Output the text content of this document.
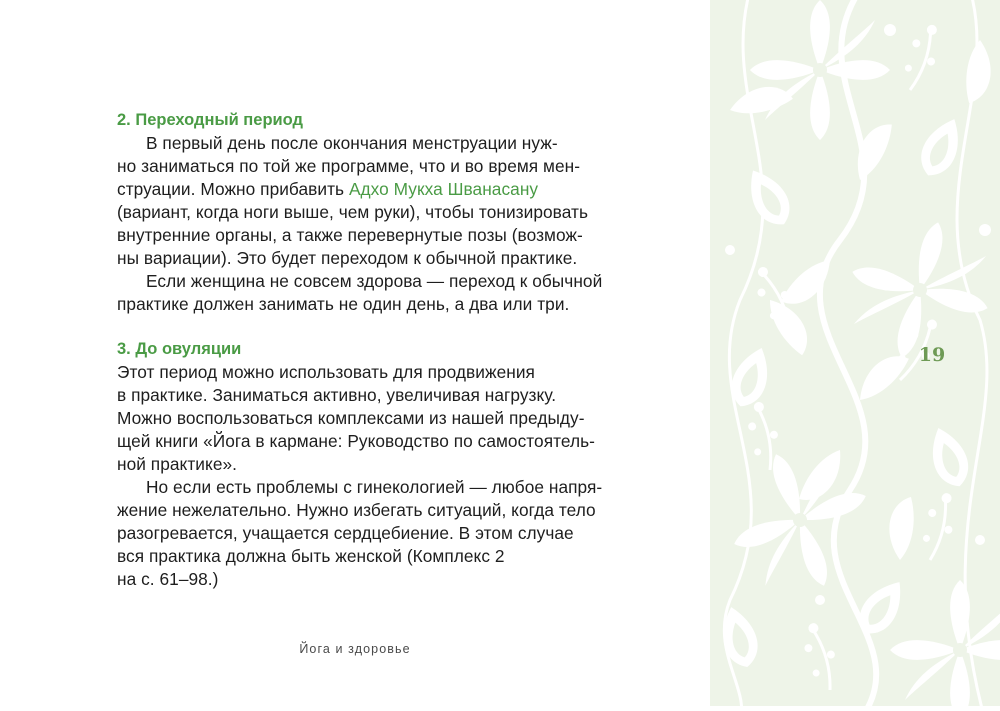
2. Переходный период
В первый день после окончания менструации нуж-
но заниматься по той же программе, что и во время мен-
струации. Можно прибавить Адхо Мукха Шванасану
(вариант, когда ноги выше, чем руки), чтобы тонизировать
внутренние органы, а также перевернутые позы (возмож-
ны вариации). Это будет переходом к обычной практике.
Если женщина не совсем здорова — переход к обычной
практике должен занимать не один день, а два или три.
3. До овуляции
Этот период можно использовать для продвижения
в практике. Заниматься активно, увеличивая нагрузку.
Можно воспользоваться комплексами из нашей предыду-
щей книги «Йога в кармане: Руководство по самостоятель-
ной практике».
Но если есть проблемы с гинекологией — любое напря-
жение нежелательно. Нужно избегать ситуаций, когда тело
разогревается, учащается сердцебиение. В этом случае
вся практика должна быть женской (Комплекс 2
на с. 61–98.)
Йога и здоровье
19
